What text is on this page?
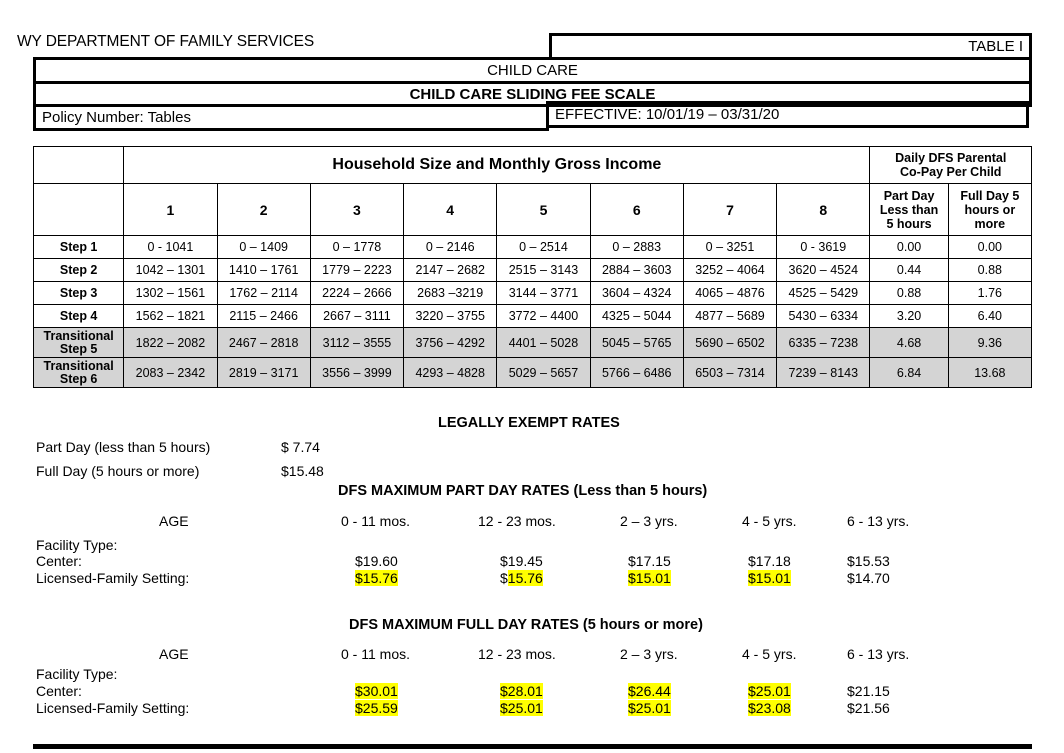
WY DEPARTMENT OF FAMILY SERVICES	TABLE I
CHILD CARE
CHILD CARE SLIDING FEE SCALE
Policy Number: Tables	EFFECTIVE: 10/01/19 – 03/31/20
	Household Size and Monthly Gross Income								Daily DFS Parental
Co-Pay Per Child	
	1	2	3	4	5	6	7	8	Part Day
Less than
5 hours	Full Day 5
hours or
more
Step 1	0 - 1041	0 – 1409	0 – 1778	0 – 2146	0 – 2514	0 – 2883	0 – 3251	0 - 3619	0.00	0.00
Step 2	1042 – 1301	1410 – 1761	1779 – 2223	2147 – 2682	2515 – 3143	2884 – 3603	3252 – 4064	3620 – 4524	0.44	0.88
Step 3	1302 – 1561	1762 – 2114	2224 – 2666	2683 –3219	3144 – 3771	3604 – 4324	4065 – 4876	4525 – 5429	0.88	1.76
Step 4	1562 – 1821	2115 – 2466	2667 – 3111	3220 – 3755	3772 – 4400	4325 – 5044	4877 – 5689	5430 – 6334	3.20	6.40
Transitional
Step 5	1822 – 2082	2467 – 2818	3112 – 3555	3756 – 4292	4401 – 5028	5045 – 5765	5690 – 6502	6335 – 7238	4.68	9.36
Transitional
Step 6	2083 – 2342	2819 – 3171	3556 – 3999	4293 – 4828	5029 – 5657	5766 – 6486	6503 – 7314	7239 – 8143	6.84	13.68
LEGALLY EXEMPT RATES
Part Day (less than 5 hours)	$ 7.74
Full Day (5 hours or more)	$15.48
DFS MAXIMUM PART DAY RATES (Less than 5 hours)
AGE	0 - 11 mos.	12 - 23 mos.	2 – 3 yrs.	4 - 5 yrs.	6 - 13 yrs.
Facility Type:
Center:	$19.60	$19.45	$17.15	$17.18	$15.53
Licensed-Family Setting:	$15.76	$15.76	$15.01	$15.01	$14.70
DFS MAXIMUM FULL DAY RATES (5 hours or more)
AGE	0 - 11 mos.	12 - 23 mos.	2 – 3 yrs.	4 - 5 yrs.	6 - 13 yrs.
Facility Type:
Center:	$30.01	$28.01	$26.44	$25.01	$21.15
Licensed-Family Setting:	$25.59	$25.01	$25.01	$23.08	$21.56
